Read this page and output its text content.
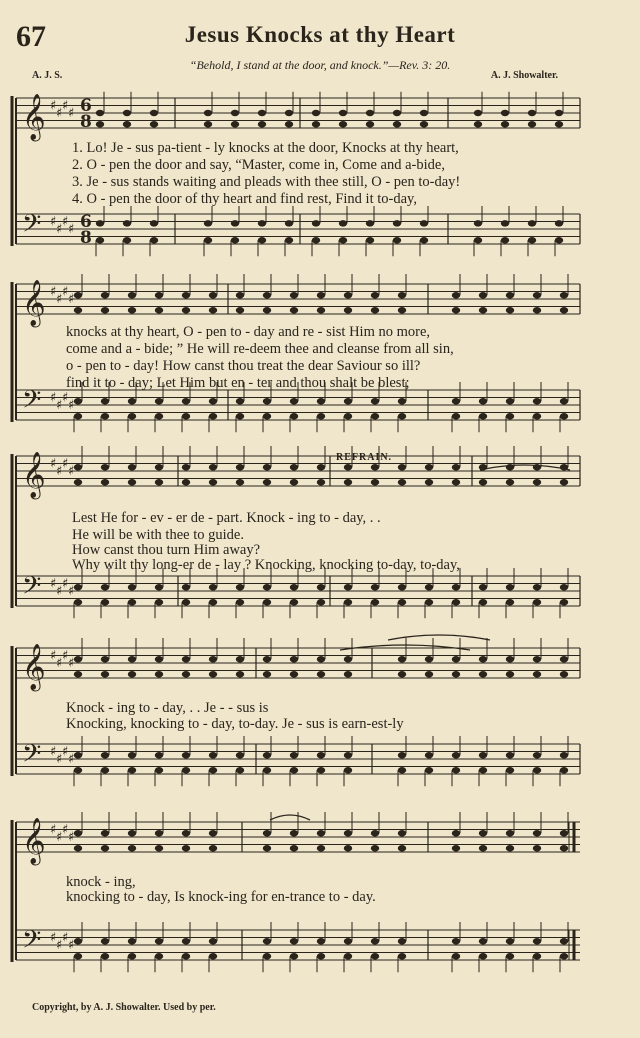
67	Jesus Knocks at thy Heart
“Behold, I stand at the door, and knock.”—Rev. 3: 20.
A. J. S.	A. J. Showalter.
𝄞
𝄢
♯ ♯ ♯ ♯
♯ ♯ ♯ ♯
𝄞
𝄢
♯ ♯ ♯ ♯
♯ ♯ ♯ ♯
𝄞
𝄢
♯ ♯ ♯ ♯
♯ ♯ ♯ ♯
𝄞
𝄢
♯ ♯ ♯ ♯
♯ ♯ ♯ ♯
𝄞
𝄢
♯ ♯ ♯ ♯
♯ ♯ ♯ ♯
6
8
6
8
REFRAIN.
1. Lo! Je - sus pa-tient - ly knocks at the door, Knocks at thy heart,
2. O - pen the door and say, “Master, come in, Come and a-bide,
3. Je - sus stands waiting and pleads with thee still, O - pen to-day!
4. O - pen the door of thy heart and find rest, Find it to-day,
knocks at thy heart, O - pen to - day and re - sist Him no more,
come and a - bide; ” He will re-deem thee and cleanse from all sin,
o - pen to - day! How canst thou treat the dear Saviour so ill?
find it to - day; Let Him but en - ter and thou shalt be blest;
Lest He for - ev - er de - part. Knock - ing to - day, . .
He will be with thee to guide.
How canst thou turn Him away?
Why wilt thy long-er de - lay ? Knocking, knocking to-day, to-day,
Knock - ing to - day, . . Je - - sus is
Knocking, knocking to - day, to-day. Je - sus is earn-est-ly
knock - ing,
knocking to - day, Is knock-ing for en-trance to - day.
Copyright, by A. J. Showalter. Used by per.
